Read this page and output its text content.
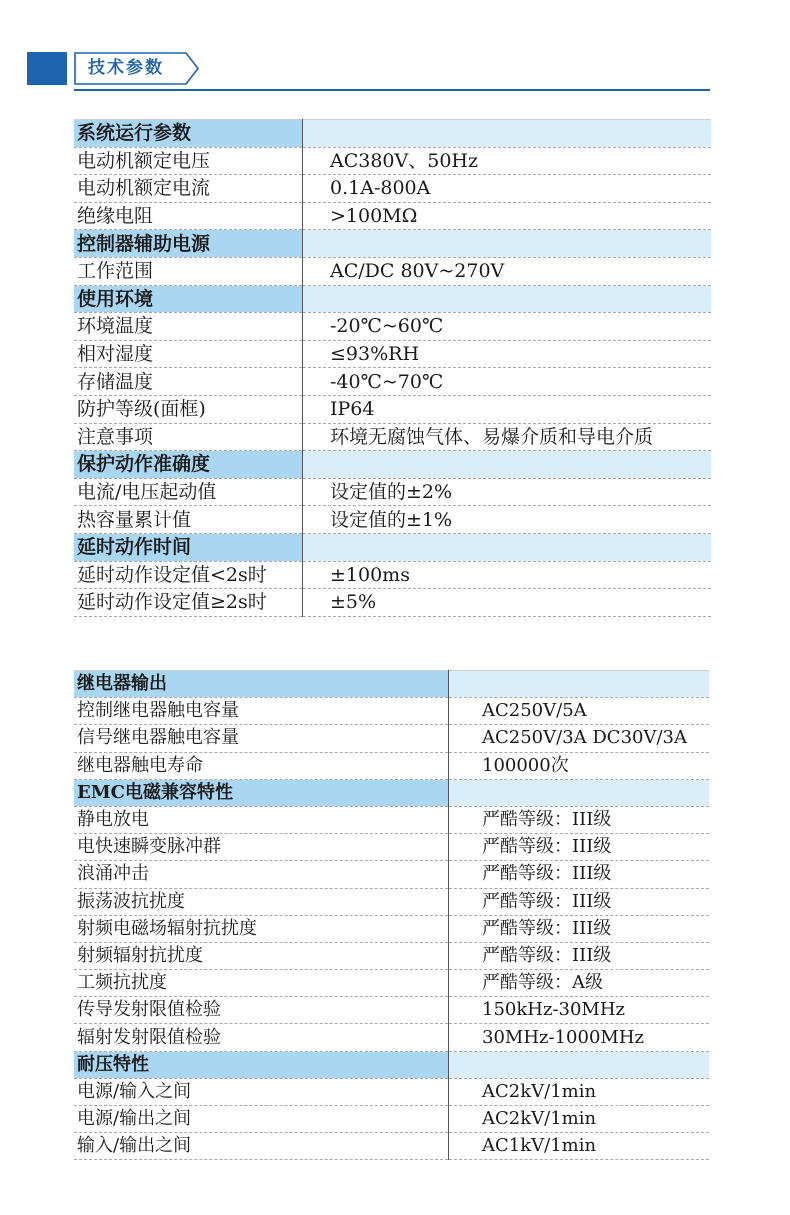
技术参数
系统运行参数	
电动机额定电压	AC380V、50Hz
电动机额定电流	0.1A-800A
绝缘电阻	>100MΩ
控制器辅助电源	
工作范围	AC/DC 80V~270V
使用环境	
环境温度	-20℃~60℃
相对湿度	≤93%RH
存储温度	-40℃~70℃
防护等级(面框)	IP64
注意事项	环境无腐蚀气体、易爆介质和导电介质
保护动作准确度	
电流/电压起动值	设定值的±2%
热容量累计值	设定值的±1%
延时动作时间	
延时动作设定值<2s时	±100ms
延时动作设定值≥2s时	±5%
继电器输出	
控制继电器触电容量	AC250V/5A
信号继电器触电容量	AC250V/3A DC30V/3A
继电器触电寿命	100000次
EMC电磁兼容特性	
静电放电	严酷等级：III级
电快速瞬变脉冲群	严酷等级：III级
浪涌冲击	严酷等级：III级
振荡波抗扰度	严酷等级：III级
射频电磁场辐射抗扰度	严酷等级：III级
射频辐射抗扰度	严酷等级：III级
工频抗扰度	严酷等级：A级
传导发射限值检验	150kHz-30MHz
辐射发射限值检验	30MHz-1000MHz
耐压特性	
电源/输入之间	AC2kV/1min
电源/输出之间	AC2kV/1min
输入/输出之间	AC1kV/1min
